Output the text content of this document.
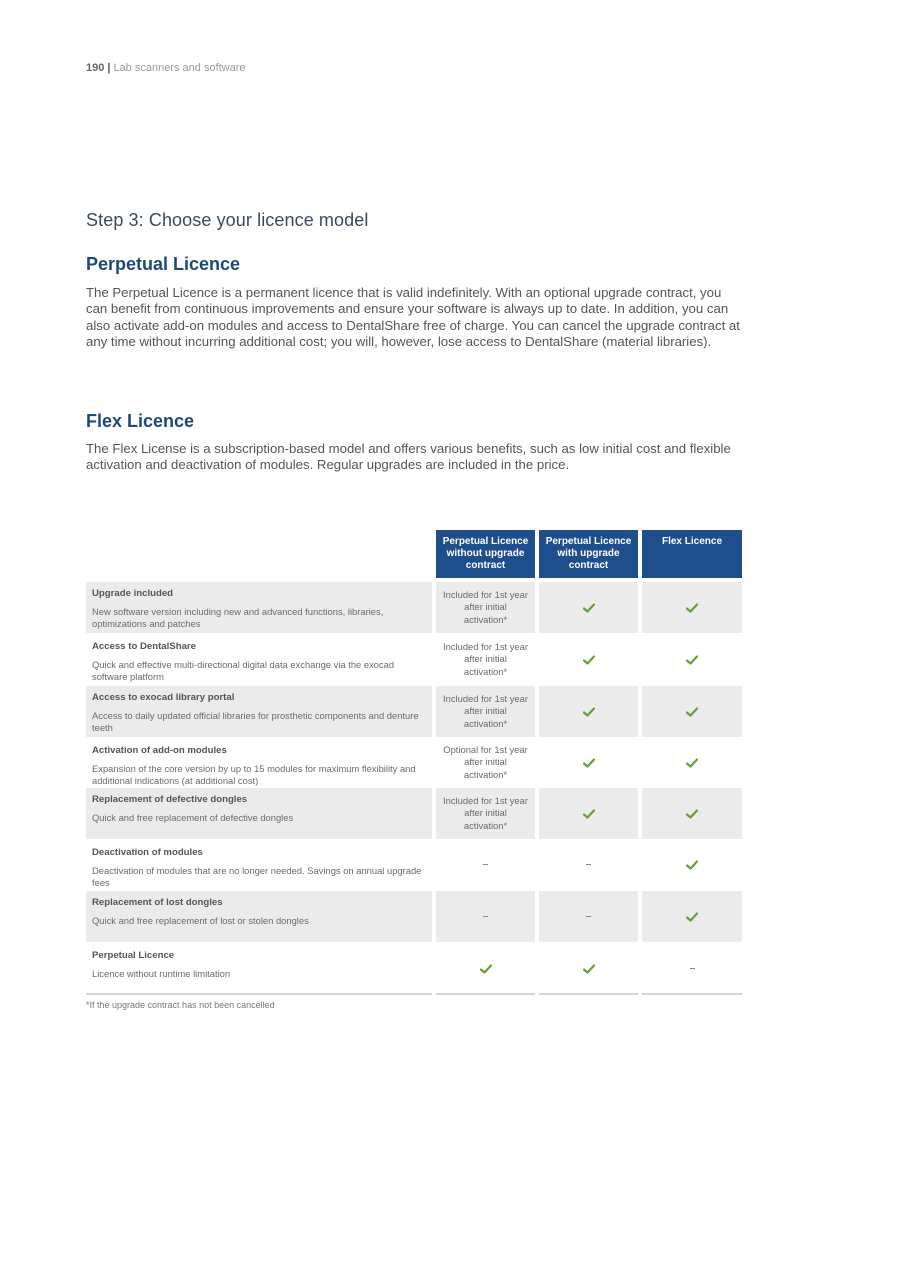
190 | Lab scanners and software
Step 3: Choose your licence model
Perpetual Licence
The Perpetual Licence is a permanent licence that is valid indefinitely. With an optional upgrade contract, you can benefit from continuous improvements and ensure your software is always up to date. In addition, you can also activate add-on modules and access to DentalShare free of charge. You can cancel the upgrade contract at any time without incurring additional cost; you will, however, lose access to DentalShare (material libraries).
Flex Licence
The Flex License is a subscription-based model and offers various benefits, such as low initial cost and flexible activation and deactivation of modules. Regular upgrades are included in the price.
Perpetual Licence without upgrade contract
Perpetual Licence with upgrade contract
Flex Licence
Upgrade included
New software version including new and advanced functions, libraries, optimizations and patches
Included for 1st year after initial activation*
Access to DentalShare
Quick and effective multi-directional digital data exchange via the exocad software platform
Included for 1st year after initial activation*
Access to exocad library portal
Access to daily updated official libraries for prosthetic components and denture teeth
Included for 1st year after initial activation*
Activation of add-on modules
Expansion of the core version by up to 15 modules for maximum flexibility and additional indications (at additional cost)
Optional for 1st year after initial activation*
Replacement of defective dongles
Quick and free replacement of defective dongles
Included for 1st year after initial activation*
Deactivation of modules
Deactivation of modules that are no longer needed. Savings on annual upgrade fees
Replacement of lost dongles
Quick and free replacement of lost or stolen dongles
Perpetual Licence
Licence without runtime limitation
*If the upgrade contract has not been cancelled
